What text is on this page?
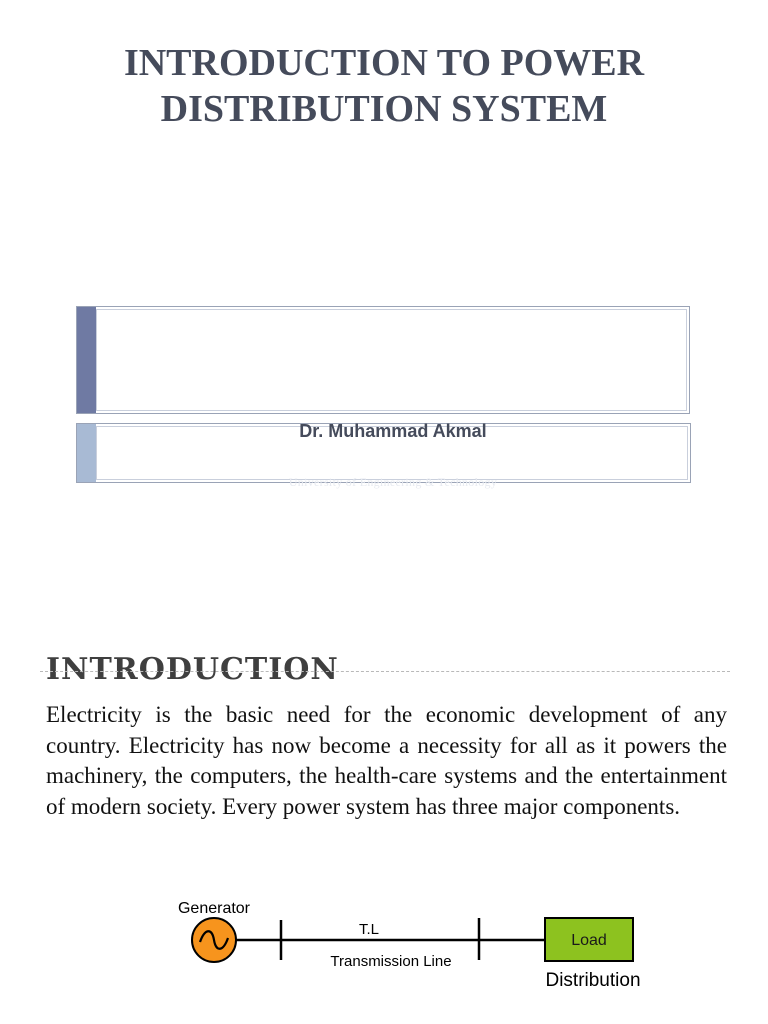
INTRODUCTION TO POWER DISTRIBUTION SYSTEM
Dr. Muhammad Akmal
University of Engineering & Technology
INTRODUCTION

Electricity is the basic need for the economic development of any country. Electricity has now become a necessity for all as it powers the machinery, the computers, the health-care systems and the entertainment of modern society. Every power system has three major components.

Generator
T.L
Transmission Line
Load
Distribution
